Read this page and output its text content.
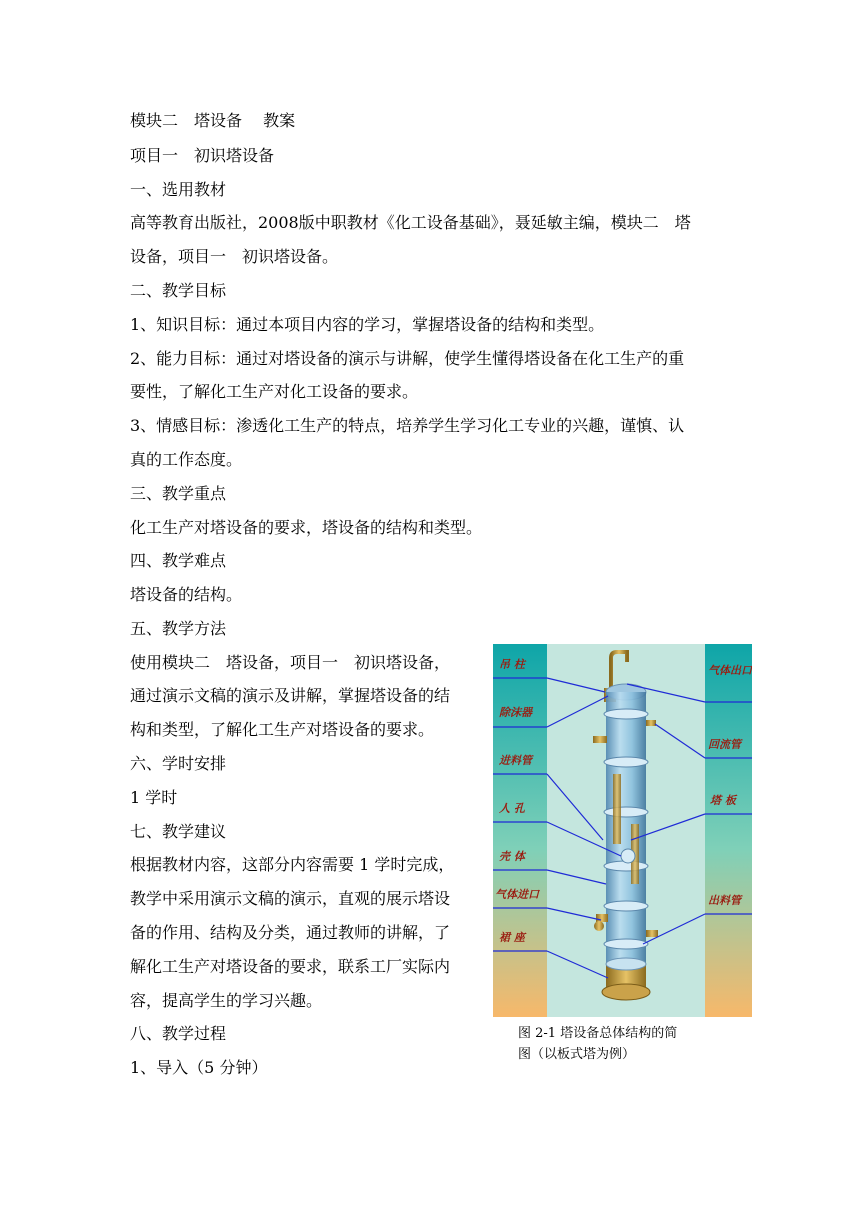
模块二　塔设备　 教案
项目一　初识塔设备
一、选用教材
高等教育出版社，2008版中职教材《化工设备基础》，聂延敏主编，模块二　塔
设备，项目一　初识塔设备。
二、教学目标
1、知识目标：通过本项目内容的学习，掌握塔设备的结构和类型。
2、能力目标：通过对塔设备的演示与讲解，使学生懂得塔设备在化工生产的重
要性，了解化工生产对化工设备的要求。
3、情感目标：渗透化工生产的特点，培养学生学习化工专业的兴趣，谨慎、认
真的工作态度。
三、教学重点
化工生产对塔设备的要求，塔设备的结构和类型。
四、教学难点
塔设备的结构。
五、教学方法
使用模块二　塔设备，项目一　初识塔设备，
通过演示文稿的演示及讲解，掌握塔设备的结
构和类型，了解化工生产对塔设备的要求。
六、学时安排
1 学时
七、教学建议
根据教材内容，这部分内容需要 1 学时完成，
教学中采用演示文稿的演示，直观的展示塔设
备的作用、结构及分类，通过教师的讲解，了
解化工生产对塔设备的要求，联系工厂实际内
容，提高学生的学习兴趣。
八、教学过程
1、导入（5 分钟）
吊 柱
除沫器
进料管
人 孔
壳 体
气体进口
裙 座
气体出口
回流管
塔 板
出料管
图 2-1 塔设备总体结构的简
图（以板式塔为例）
